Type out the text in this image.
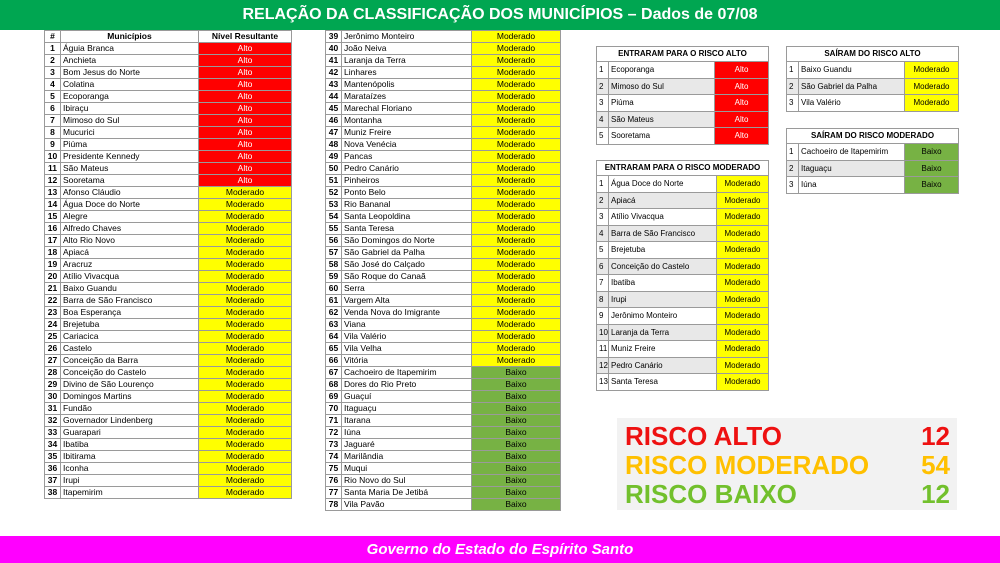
RELAÇÃO DA CLASSIFICAÇÃO DOS MUNICÍPIOS – Dados de 07/08
#	Municípios	Nível Resultante
1	Águia Branca	Alto
2	Anchieta	Alto
3	Bom Jesus do Norte	Alto
4	Colatina	Alto
5	Ecoporanga	Alto
6	Ibiraçu	Alto
7	Mimoso do Sul	Alto
8	Mucurici	Alto
9	Piúma	Alto
10	Presidente Kennedy	Alto
11	São Mateus	Alto
12	Sooretama	Alto
13	Afonso Cláudio	Moderado
14	Água Doce do Norte	Moderado
15	Alegre	Moderado
16	Alfredo Chaves	Moderado
17	Alto Rio Novo	Moderado
18	Apiacá	Moderado
19	Aracruz	Moderado
20	Atílio Vivacqua	Moderado
21	Baixo Guandu	Moderado
22	Barra de São Francisco	Moderado
23	Boa Esperança	Moderado
24	Brejetuba	Moderado
25	Cariacica	Moderado
26	Castelo	Moderado
27	Conceição da Barra	Moderado
28	Conceição do Castelo	Moderado
29	Divino de São Lourenço	Moderado
30	Domingos Martins	Moderado
31	Fundão	Moderado
32	Governador Lindenberg	Moderado
33	Guarapari	Moderado
34	Ibatiba	Moderado
35	Ibitirama	Moderado
36	Iconha	Moderado
37	Irupi	Moderado
38	Itapemirim	Moderado
39	Jerônimo Monteiro	Moderado
40	João Neiva	Moderado
41	Laranja da Terra	Moderado
42	Linhares	Moderado
43	Mantenópolis	Moderado
44	Marataízes	Moderado
45	Marechal Floriano	Moderado
46	Montanha	Moderado
47	Muniz Freire	Moderado
48	Nova Venécia	Moderado
49	Pancas	Moderado
50	Pedro Canário	Moderado
51	Pinheiros	Moderado
52	Ponto Belo	Moderado
53	Rio Bananal	Moderado
54	Santa Leopoldina	Moderado
55	Santa Teresa	Moderado
56	São Domingos do Norte	Moderado
57	São Gabriel da Palha	Moderado
58	São José do Calçado	Moderado
59	São Roque do Canaã	Moderado
60	Serra	Moderado
61	Vargem Alta	Moderado
62	Venda Nova do Imigrante	Moderado
63	Viana	Moderado
64	Vila Valério	Moderado
65	Vila Velha	Moderado
66	Vitória	Moderado
67	Cachoeiro de Itapemirim	Baixo
68	Dores do Rio Preto	Baixo
69	Guaçuí	Baixo
70	Itaguaçu	Baixo
71	Itarana	Baixo
72	Iúna	Baixo
73	Jaguaré	Baixo
74	Marilândia	Baixo
75	Muqui	Baixo
76	Rio Novo do Sul	Baixo
77	Santa Maria De Jetibá	Baixo
78	Vila Pavão	Baixo
ENTRARAM PARA O RISCO ALTO		
1	Ecoporanga	Alto
2	Mimoso do Sul	Alto
3	Piúma	Alto
4	São Mateus	Alto
5	Sooretama	Alto
SAÍRAM DO RISCO ALTO		
1	Baixo Guandu	Moderado
2	São Gabriel da Palha	Moderado
3	Vila Valério	Moderado
SAÍRAM DO RISCO MODERADO		
1	Cachoeiro de Itapemirim	Baixo
2	Itaguaçu	Baixo
3	Iúna	Baixo
ENTRARAM PARA O RISCO MODERADO		
1	Água Doce do Norte	Moderado
2	Apiacá	Moderado
3	Atílio Vivacqua	Moderado
4	Barra de São Francisco	Moderado
5	Brejetuba	Moderado
6	Conceição do Castelo	Moderado
7	Ibatiba	Moderado
8	Irupi	Moderado
9	Jerônimo Monteiro	Moderado
10	Laranja da Terra	Moderado
11	Muniz Freire	Moderado
12	Pedro Canário	Moderado
13	Santa Teresa	Moderado
RISCO ALTO	12
RISCO MODERADO 54
RISCO BAIXO	12
Governo do Estado do Espírito Santo
